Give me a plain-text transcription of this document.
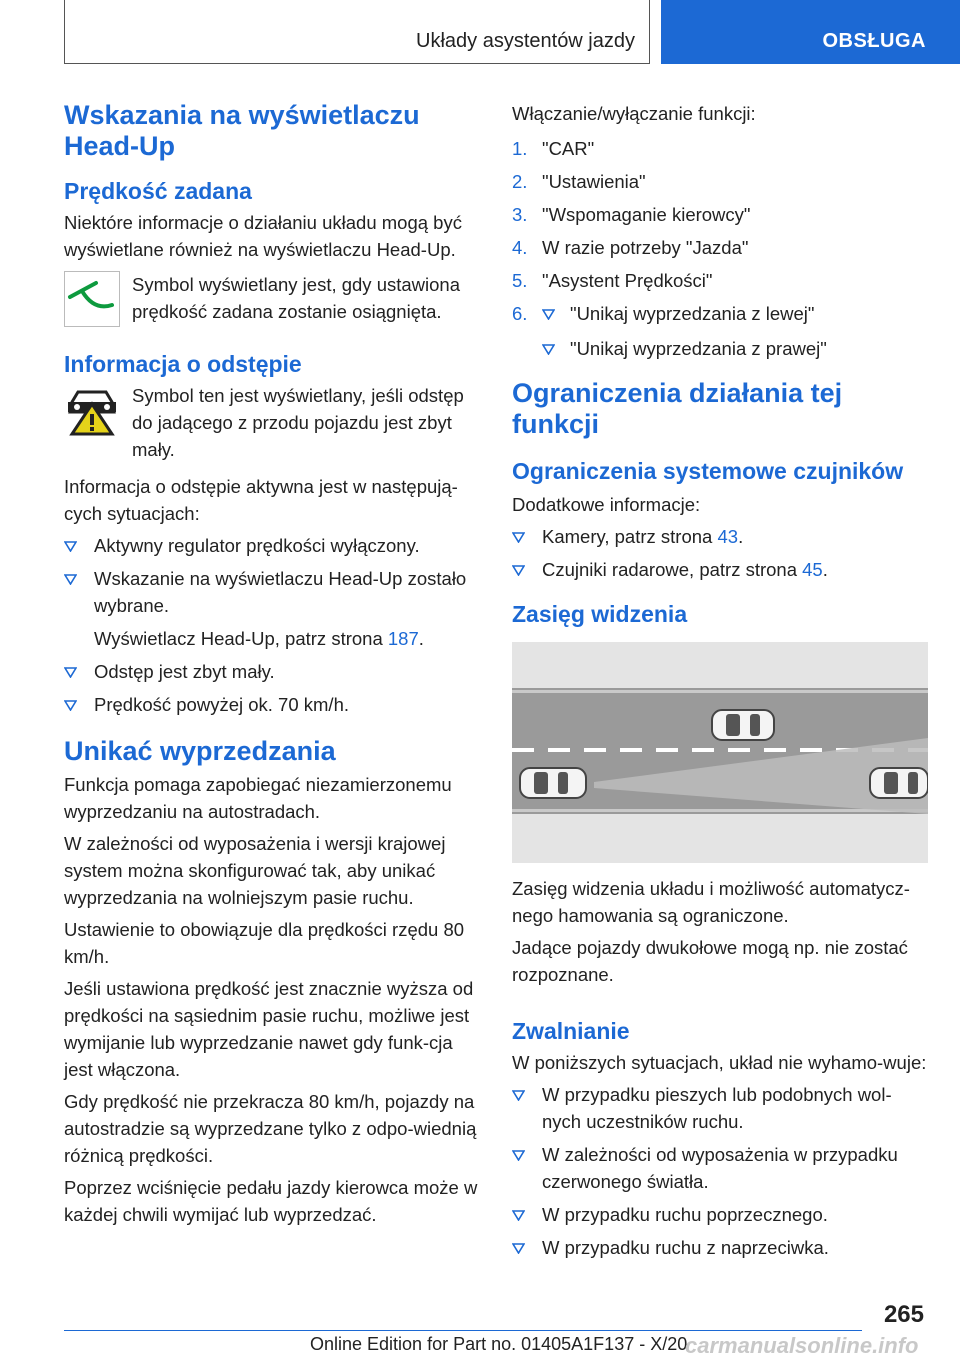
Układy asystentów jazdy	OBSŁUGA
Wskazania na wyświetlaczu Head-Up
Prędkość zadana

Niektóre informacje o działaniu układu mogą być wyświetlane również na wyświetlaczu Head-Up.

Symbol wyświetlany jest, gdy ustawiona prędkość zadana zostanie osiągnięta.
Informacja o odstępie
Symbol ten jest wyświetlany, jeśli odstęp do jadącego z przodu pojazdu jest zbyt mały.

Informacja o odstępie aktywna jest w następują-cych sytuacjach:

Aktywny regulator prędkości wyłączony.
Wskazanie na wyświetlaczu Head-Up zostało wybrane.
Wyświetlacz Head-Up, patrz strona 187.
Odstęp jest zbyt mały.
Prędkość powyżej ok. 70 km/h.
Unikać wyprzedzania

Funkcja pomaga zapobiegać niezamierzonemu wyprzedzaniu na autostradach.

W zależności od wyposażenia i wersji krajowej system można skonfigurować tak, aby unikać wyprzedzania na wolniejszym pasie ruchu.

Ustawienie to obowiązuje dla prędkości rzędu 80 km/h.

Jeśli ustawiona prędkość jest znacznie wyższa od prędkości na sąsiednim pasie ruchu, możliwe jest wymijanie lub wyprzedzanie nawet gdy funk-cja jest włączona.

Gdy prędkość nie przekracza 80 km/h, pojazdy na autostradzie są wyprzedzane tylko z odpo-wiednią różnicą prędkości.

Poprzez wciśnięcie pedału jazdy kierowca może w każdej chwili wymijać lub wyprzedzać.

Włączanie/wyłączanie funkcji:

1. "CAR"
2. "Ustawienia"
3. "Wspomaganie kierowcy"
4. W razie potrzeby "Jazda"
5. "Asystent Prędkości"
6.	"Unikaj wyprzedzania z lewej"
"Unikaj wyprzedzania z prawej"
Ograniczenia działania tej funkcji
Ograniczenia systemowe czujników

Dodatkowe informacje:

Kamery, patrz strona 43.
Czujniki radarowe, patrz strona 45.
Zasięg widzenia

Zasięg widzenia układu i możliwość automatycz-nego hamowania są ograniczone.

Jadące pojazdy dwukołowe mogą np. nie zostać rozpoznane.

Zwalnianie

W poniższych sytuacjach, układ nie wyhamo-wuje:

W przypadku pieszych lub podobnych wol-nych uczestników ruchu.
W zależności od wyposażenia w przypadku czerwonego światła.
W przypadku ruchu poprzecznego.
W przypadku ruchu z naprzeciwka.
265
Online Edition for Part no. 01405A1F137 - X/20
carmanualsonline.info
